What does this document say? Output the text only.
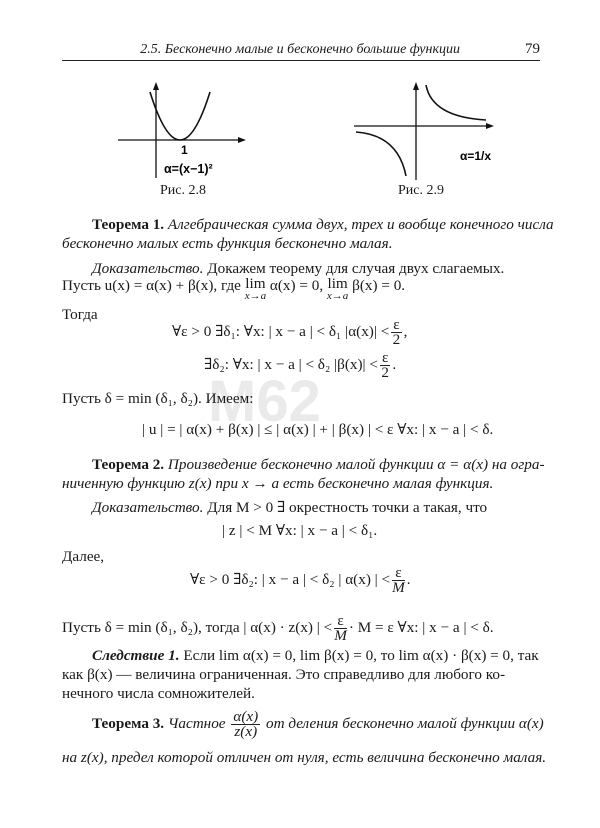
2.5. Бесконечно малые и бесконечно большие функции	79
M62
1
α=(x−1)²
Рис. 2.8
α=1/x
Рис. 2.9
Теорема 1. Алгебраическая сумма двух, трех и вообще конечного числа
бесконечно малых есть функция бесконечно малая.
Доказательство. Докажем теорему для случая двух слагаемых.
Пусть u(x) = α(x) + β(x), где lim
x→a
α(x) = 0, lim
x→a
β(x) = 0.
Тогда
∀ε > 0 ∃δ₁: ∀x: | x − a | < δ₁ $|\alpha(x)| < \frac{\varepsilon}{2}$ ,
∃δ₂: ∀x: | x − a | < δ₂ $|\beta(x)| < \frac{\varepsilon}{2}$ .
Пусть δ = min (δ₁, δ₂). Имеем:
| u | = | α(x) + β(x) | ≤ | α(x) | + | β(x) | < ε ∀x: | x − a | < δ.
Теорема 2. Произведение бесконечно малой функции α = α(x) на огра-
ниченную функцию z(x) при x → a есть бесконечно малая функция.
Доказательство. Для M > 0 ∃ окрестность точки a такая, что
| z | < M ∀x: | x − a | < δ₁.
Далее,
∀ε > 0 ∃δ₂: | x − a | < δ₂ | α(x) | < $\frac{\varepsilon}{M}$ .
Пусть δ = min (δ₁, δ₂), тогда | α(x) · z(x) | < $\frac{\varepsilon}{M} \cdot M = \varepsilon$ ∀x: | x − a | < δ.
Следствие 1. Если lim α(x) = 0, lim β(x) = 0, то lim α(x) · β(x) = 0, так
как β(x) — величина ограниченная. Это справедливо для любого ко-
нечного числа сомножителей.
Теорема 3. Частное $\frac{\alpha(x)}{z(x)}$ от деления бесконечно малой функции α(x)
на z(x), предел которой отличен от нуля, есть величина бесконечно малая.
